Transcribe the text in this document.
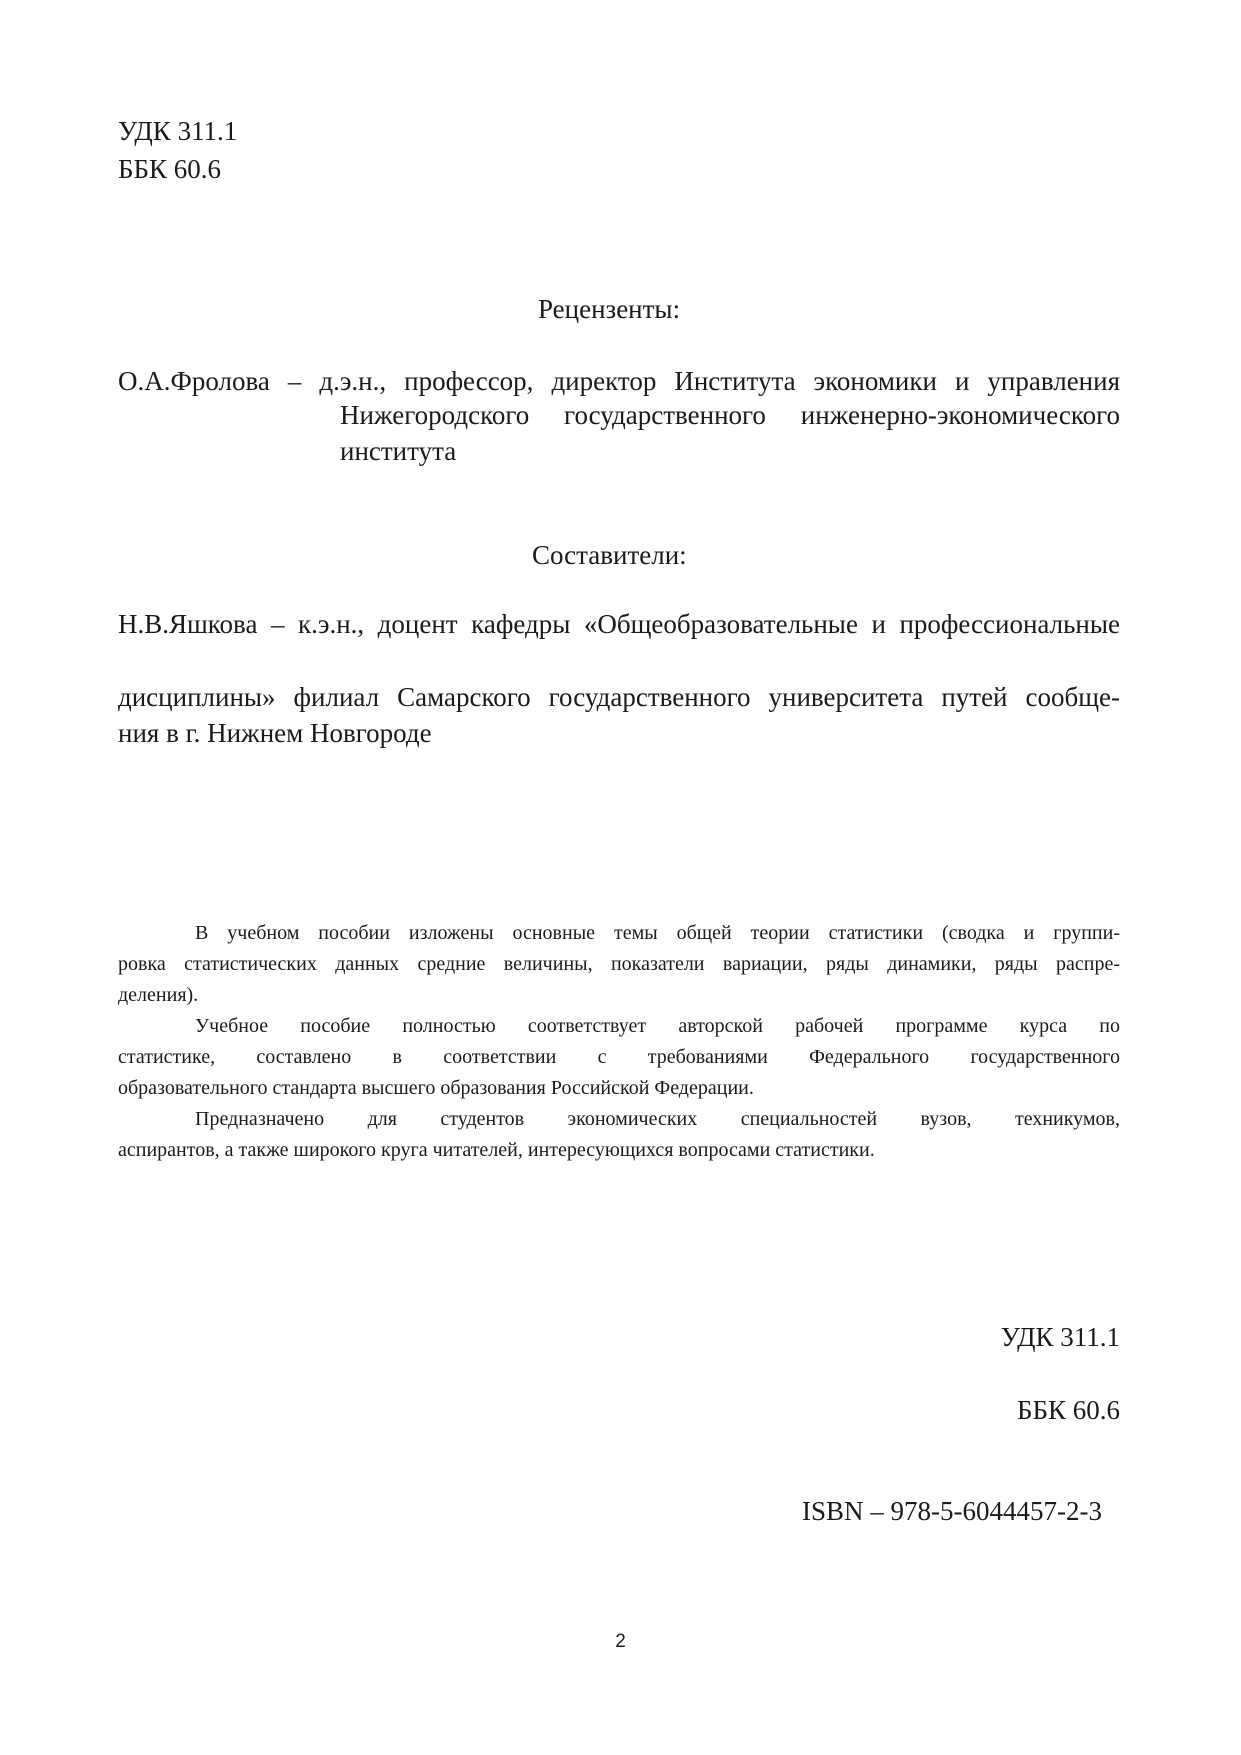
УДК 311.1
ББК 60.6
Рецензенты:
О.А.Фролова – д.э.н., профессор, директор Института экономики и управления
Нижегородского государственного инженерно-экономического
института
Составители:
Н.В.Яшкова – к.э.н., доцент кафедры «Общеобразовательные и профессиональные
дисциплины» филиал Самарского государственного университета путей сообще-
ния в г. Нижнем Новгороде
В учебном пособии изложены основные темы общей теории статистики (сводка и группи-
ровка статистических данных средние величины, показатели вариации, ряды динамики, ряды распре-
деления).
Учебное пособие полностью соответствует авторской рабочей программе курса по
статистике, составлено в соответствии с требованиями Федерального государственного
образовательного стандарта высшего образования Российской Федерации.
Предназначено для студентов экономических специальностей вузов, техникумов,
аспирантов, а также широкого круга читателей, интересующихся вопросами статистики.
УДК 311.1
ББК 60.6
ISBN – 978-5-6044457-2-3
2
